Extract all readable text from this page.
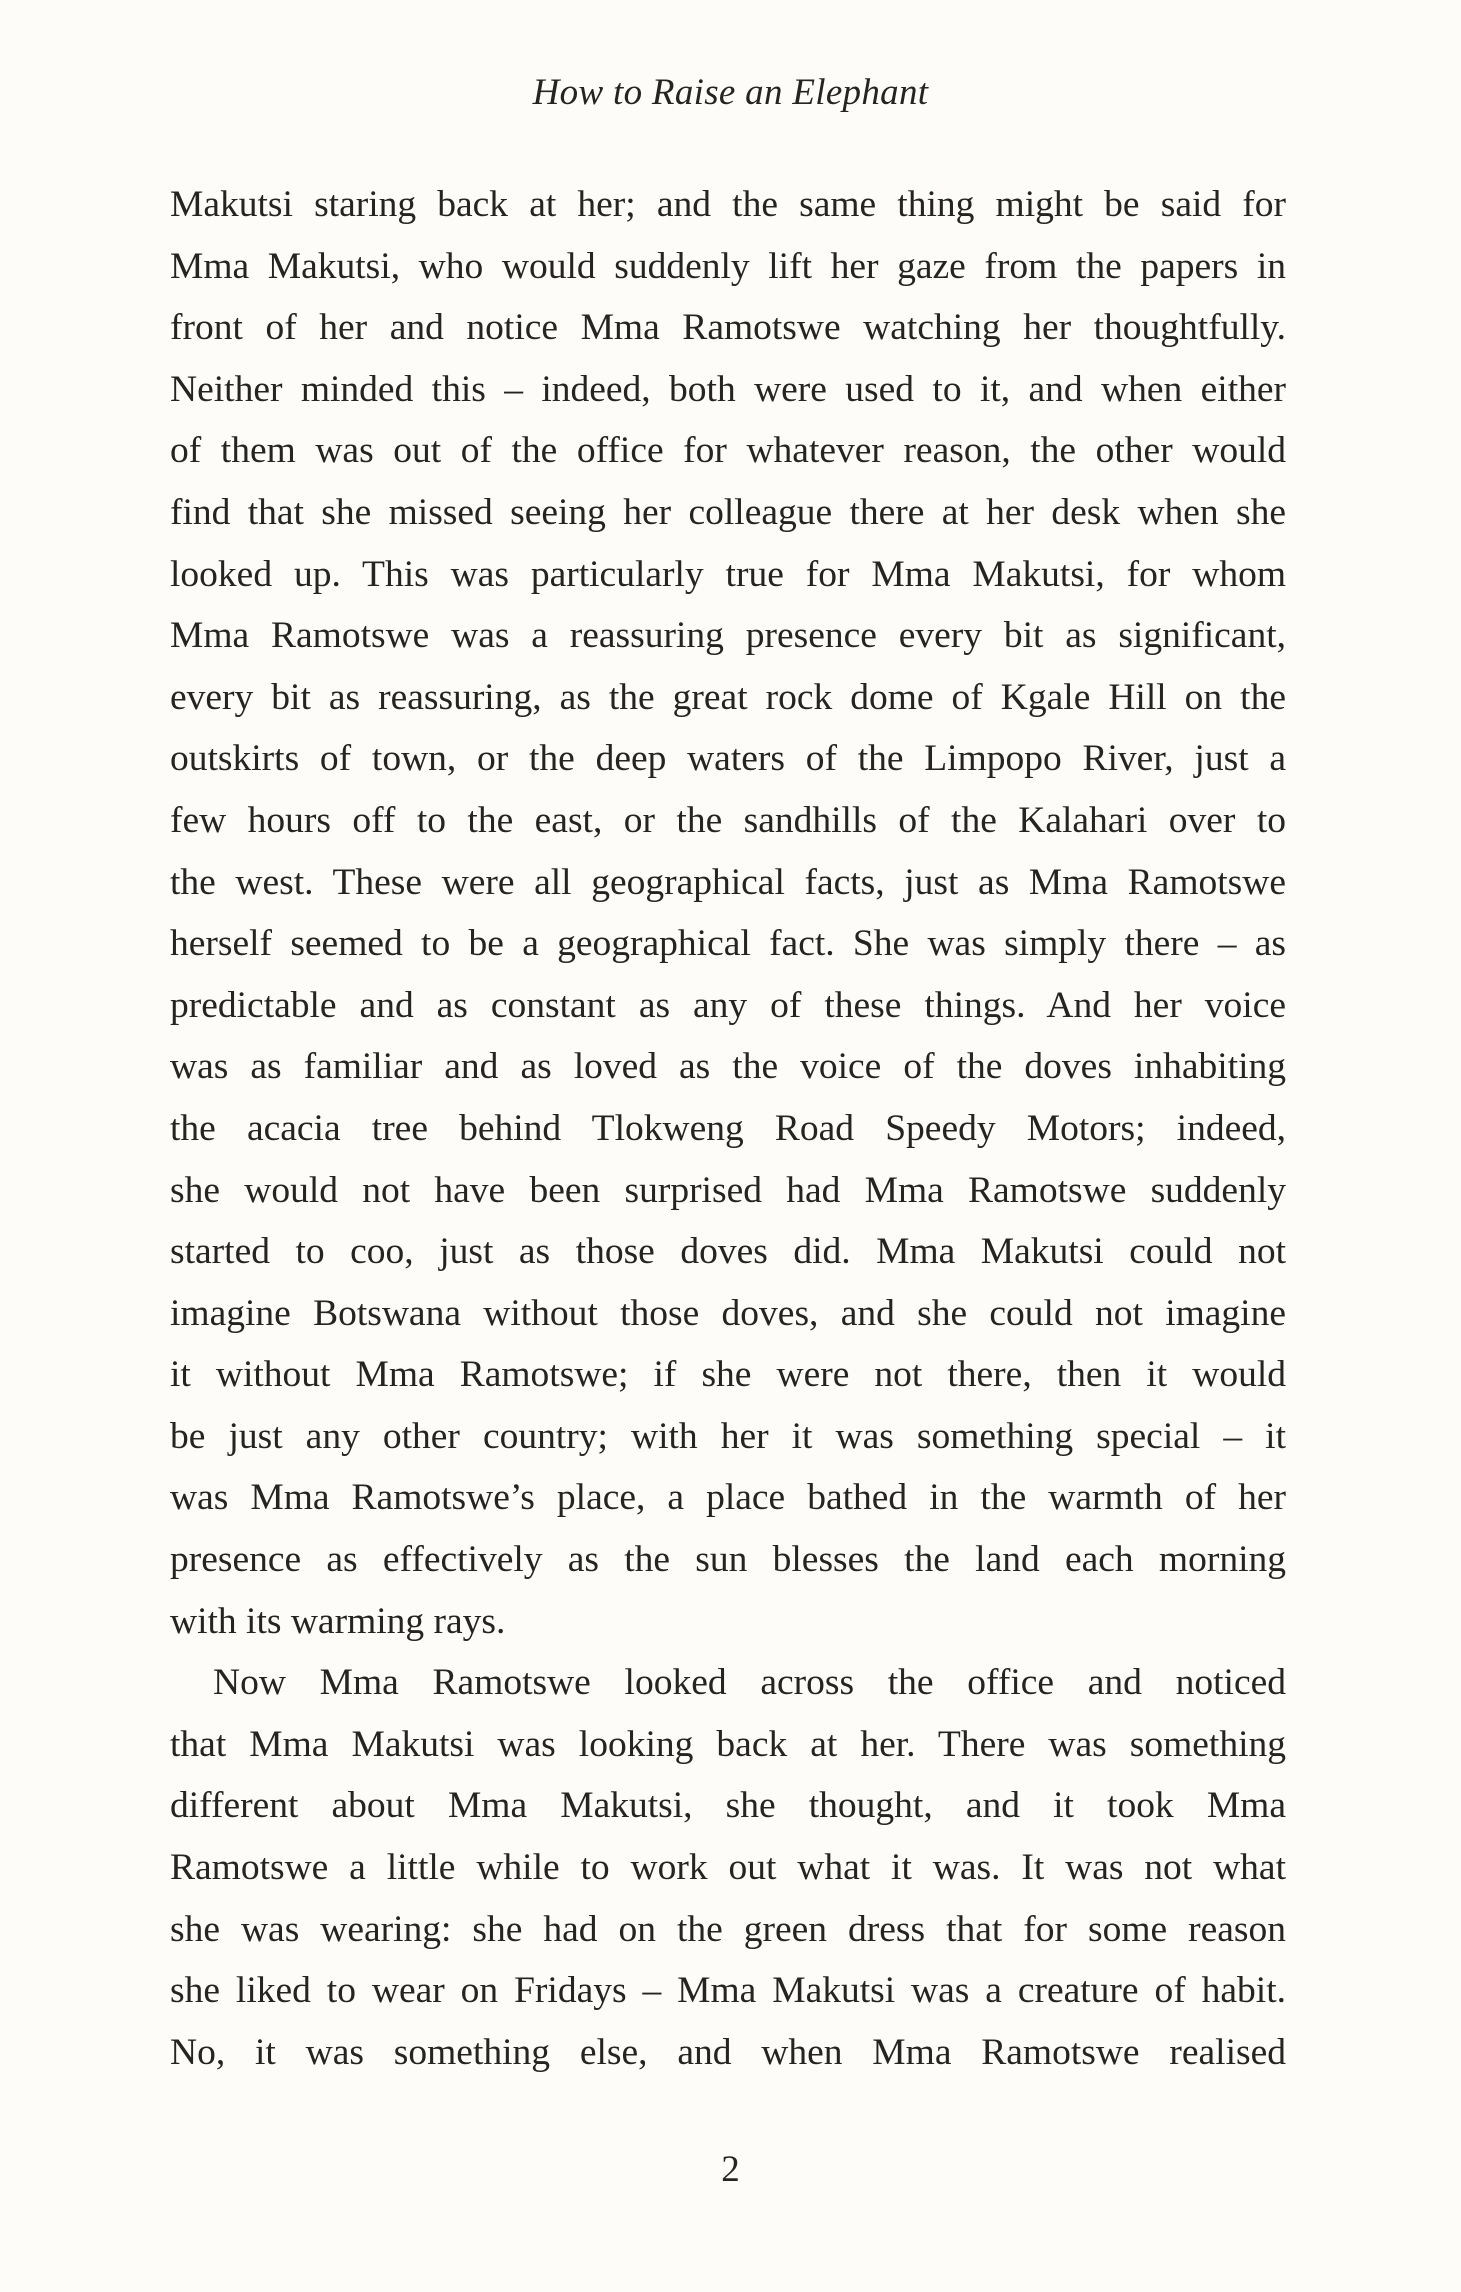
How to Raise an Elephant
Makutsi staring back at her; and the same thing might be said for
Mma Makutsi, who would suddenly lift her gaze from the papers in
front of her and notice Mma Ramotswe watching her thoughtfully.
Neither minded this – indeed, both were used to it, and when either
of them was out of the office for whatever reason, the other would
find that she missed seeing her colleague there at her desk when she
looked up. This was particularly true for Mma Makutsi, for whom
Mma Ramotswe was a reassuring presence every bit as significant,
every bit as reassuring, as the great rock dome of Kgale Hill on the
outskirts of town, or the deep waters of the Limpopo River, just a
few hours off to the east, or the sandhills of the Kalahari over to
the west. These were all geographical facts, just as Mma Ramotswe
herself seemed to be a geographical fact. She was simply there – as
predictable and as constant as any of these things. And her voice
was as familiar and as loved as the voice of the doves inhabiting
the acacia tree behind Tlokweng Road Speedy Motors; indeed,
she would not have been surprised had Mma Ramotswe suddenly
started to coo, just as those doves did. Mma Makutsi could not
imagine Botswana without those doves, and she could not imagine
it without Mma Ramotswe; if she were not there, then it would
be just any other country; with her it was something special – it
was Mma Ramotswe’s place, a place bathed in the warmth of her
presence as effectively as the sun blesses the land each morning
with its warming rays.
Now Mma Ramotswe looked across the office and noticed
that Mma Makutsi was looking back at her. There was something
different about Mma Makutsi, she thought, and it took Mma
Ramotswe a little while to work out what it was. It was not what
she was wearing: she had on the green dress that for some reason
she liked to wear on Fridays – Mma Makutsi was a creature of habit.
No, it was something else, and when Mma Ramotswe realised
2
